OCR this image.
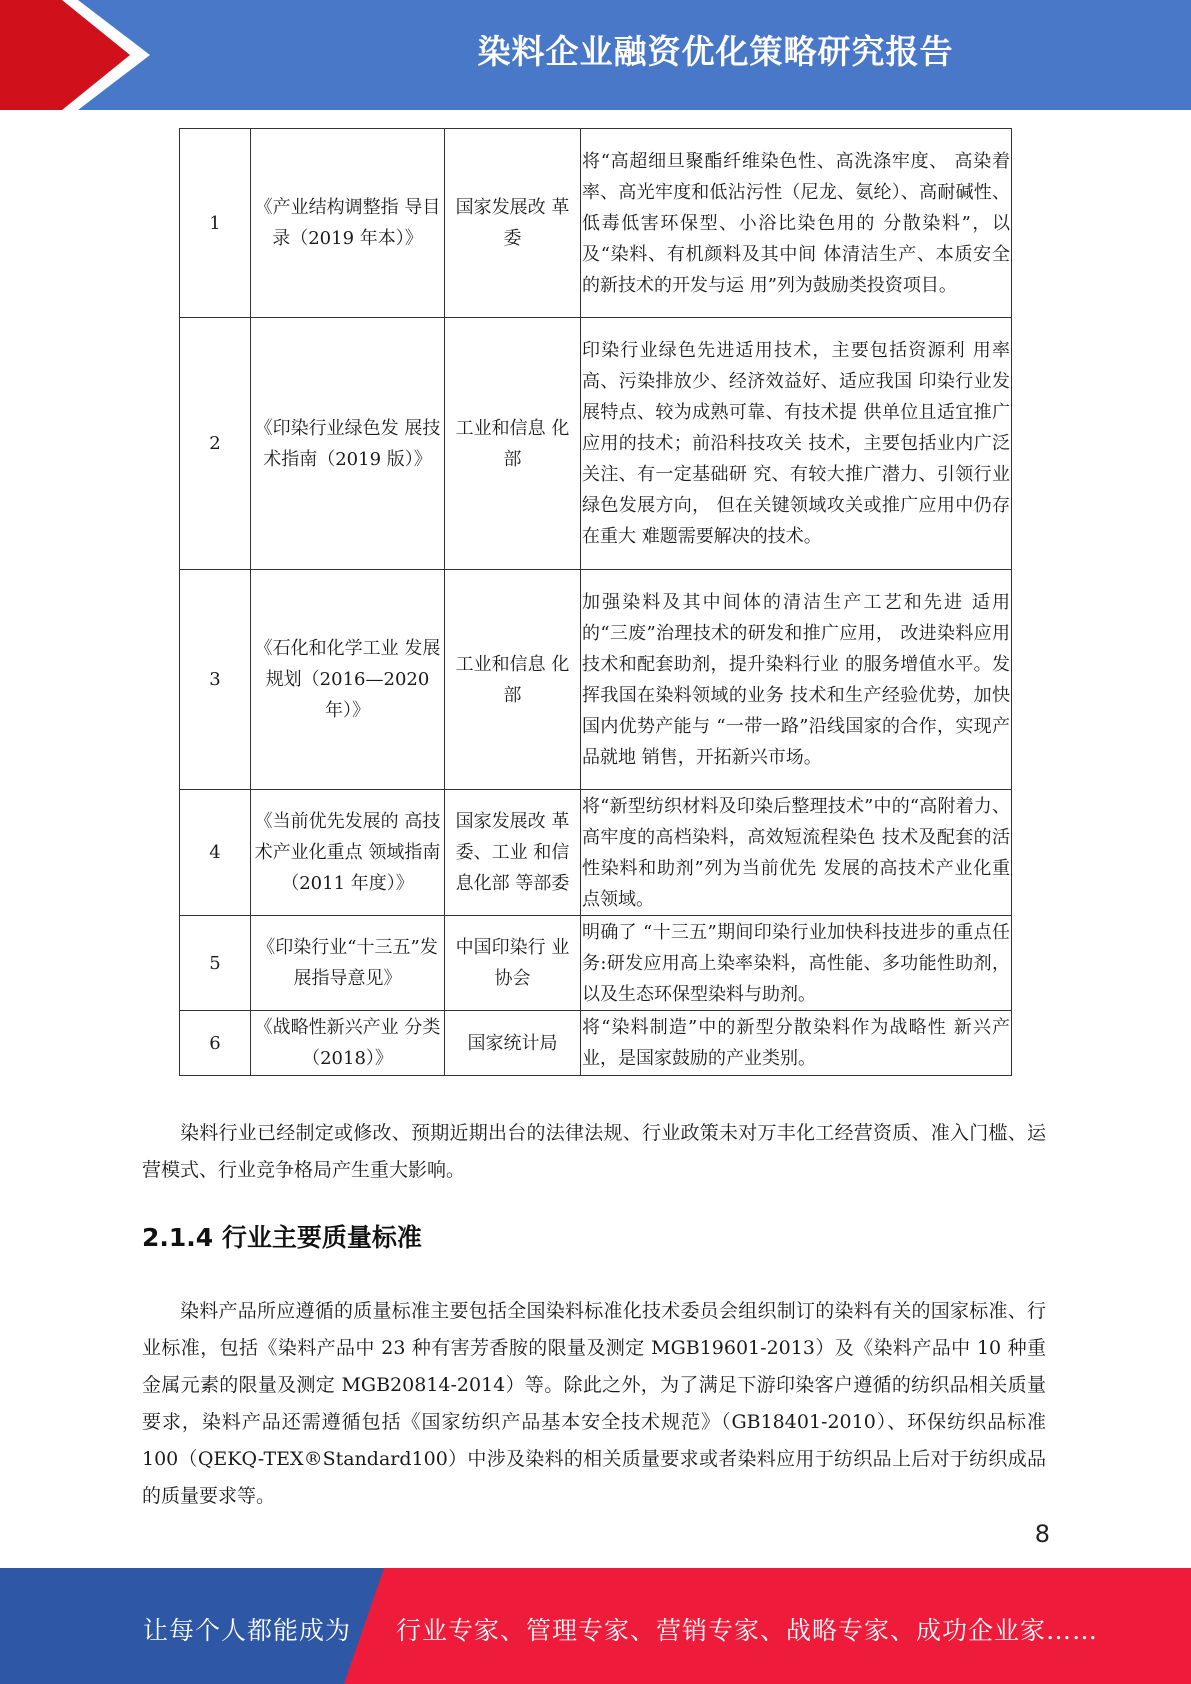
染料企业融资优化策略研究报告
1	《产业结构调整指 导目录（2019 年本）》	国家发展改 革委	将“高超细旦聚酯纤维染色性、高洗涤牢度、 高染着率、高光牢度和低沾污性（尼龙、氨纶）、高耐碱性、低毒低害环保型、小浴比染色用的 分散染料”，以及“染料、有机颜料及其中间 体清洁生产、本质安全的新技术的开发与运 用”列为鼓励类投资项目。
2	《印染行业绿色发 展技术指南（2019 版）》	工业和信息 化部	印染行业绿色先进适用技术，主要包括资源利 用率高、污染排放少、经济效益好、适应我国 印染行业发展特点、较为成熟可靠、有技术提 供单位且适宜推广应用的技术；前沿科技攻关 技术，主要包括业内广泛关注、有一定基础研 究、有较大推广潜力、引领行业绿色发展方向， 但在关键领域攻关或推广应用中仍存在重大 难题需要解决的技术。
3	《石化和化学工业 发展规划（2016—2020 年）》	工业和信息 化部	加强染料及其中间体的清洁生产工艺和先进 适用的“三废”治理技术的研发和推广应用， 改进染料应用技术和配套助剂，提升染料行业 的服务增值水平。发挥我国在染料领域的业务 技术和生产经验优势，加快国内优势产能与 “一带一路”沿线国家的合作，实现产品就地 销售，开拓新兴市场。
4	《当前优先发展的 高技术产业化重点 领域指南（2011 年度）》	国家发展改 革委、工业 和信息化部 等部委	将“新型纺织材料及印染后整理技术”中的“高附着力、高牢度的高档染料，高效短流程染色 技术及配套的活性染料和助剂”列为当前优先 发展的高技术产业化重点领域。
5	《印染行业“十三五”发展指导意见》	中国印染行 业协会	明确了 “十三五”期间印染行业加快科技进步的重点任务:研发应用高上染率染料，高性能、多功能性助剂，以及生态环保型染料与助剂。
6	《战略性新兴产业 分类（2018）》	国家统计局	将“染料制造”中的新型分散染料作为战略性 新兴产业，是国家鼓励的产业类别。

染料行业已经制定或修改、预期近期出台的法律法规、行业政策未对万丰化工经营资质、准入门槛、运营模式、行业竞争格局产生重大影响。

2.1.4 行业主要质量标准

染料产品所应遵循的质量标准主要包括全国染料标准化技术委员会组织制订的染料有关的国家标准、行业标准，包括《染料产品中 23 种有害芳香胺的限量及测定 MGB19601-2013）及《染料产品中 10 种重金属元素的限量及测定 MGB20814-2014）等。除此之外，为了满足下游印染客户遵循的纺织品相关质量要求，染料产品还需遵循包括《国家纺织产品基本安全技术规范》（GB18401-2010）、环保纺织品标准 100（QEKQ-TEX®Standard100）中涉及染料的相关质量要求或者染料应用于纺织品上后对于纺织成品的质量要求等。

8
让每个人都能成为 行业专家、管理专家、营销专家、战略专家、成功企业家……
